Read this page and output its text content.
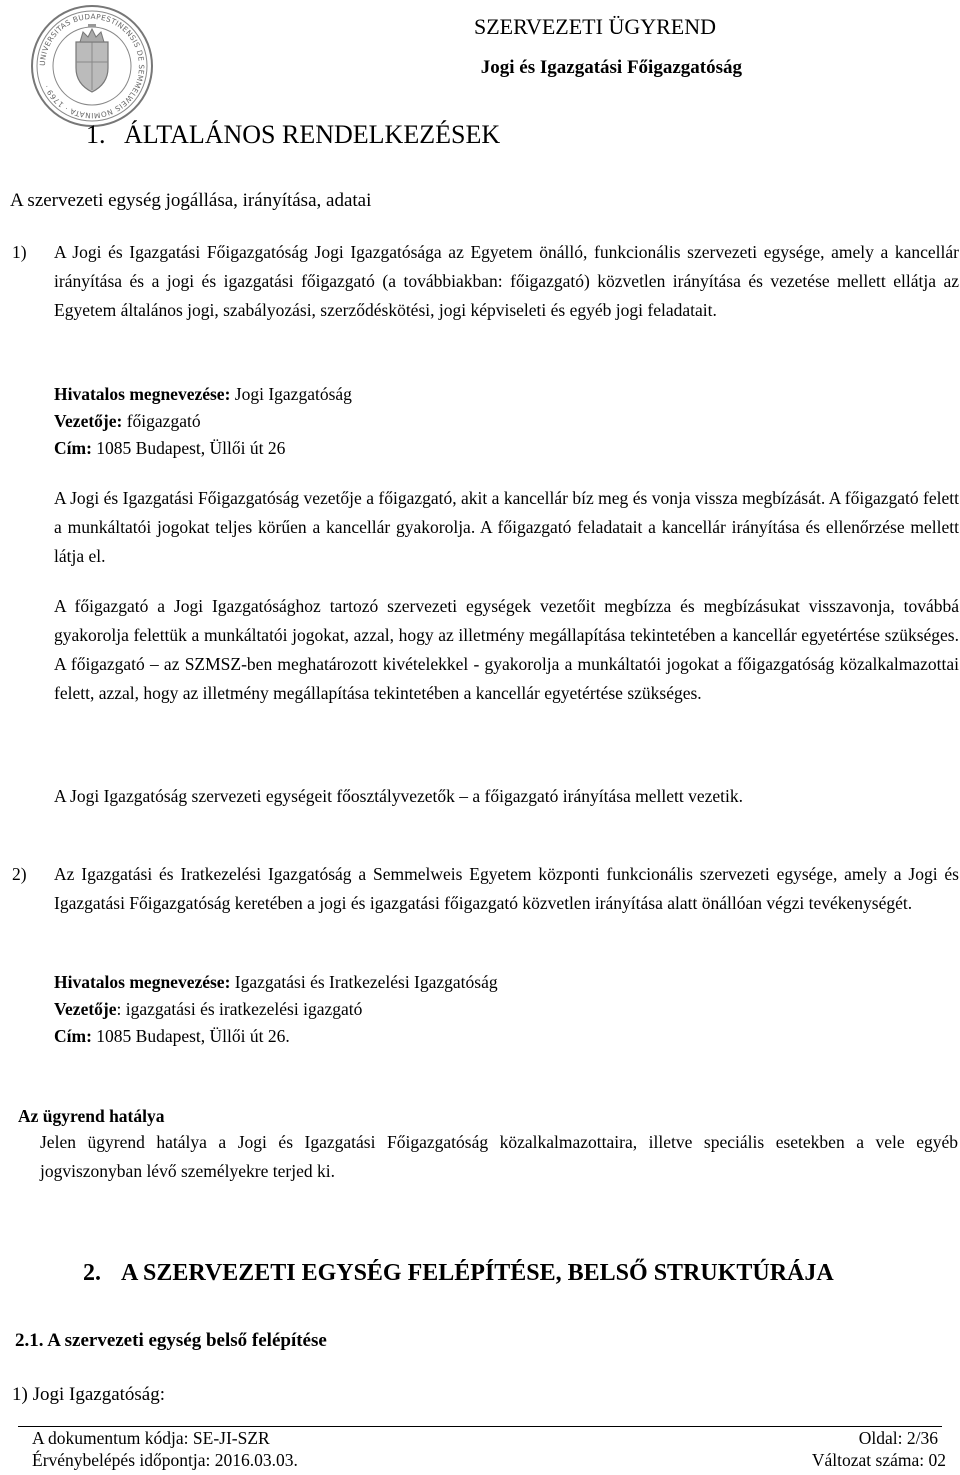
UNIVERSITAS BUDAPESTINENSIS DE SEMMELWEIS NOMINATA · 1769 ·
SZERVEZETI ÜGYREND
Jogi és Igazgatási Főigazgatóság
1. ÁLTALÁNOS RENDELKEZÉSEK
A szervezeti egység jogállása, irányítása, adatai
1) A Jogi és Igazgatási Főigazgatóság Jogi Igazgatósága az Egyetem önálló, funkcionális szervezeti egysége, amely a kancellár irányítása és a jogi és igazgatási főigazgató (a továbbiakban: főigazgató) közvetlen irányítása és vezetése mellett ellátja az Egyetem általános jogi, szabályozási, szerződéskötési, jogi képviseleti és egyéb jogi feladatait.
Hivatalos megnevezése: Jogi Igazgatóság
Vezetője: főigazgató
Cím: 1085 Budapest, Üllői út 26
A Jogi és Igazgatási Főigazgatóság vezetője a főigazgató, akit a kancellár bíz meg és vonja vissza megbízását. A főigazgató felett a munkáltatói jogokat teljes körűen a kancellár gyakorolja. A főigazgató feladatait a kancellár irányítása és ellenőrzése mellett látja el.
A főigazgató a Jogi Igazgatósághoz tartozó szervezeti egységek vezetőit megbízza és megbízásukat visszavonja, továbbá gyakorolja felettük a munkáltatói jogokat, azzal, hogy az illetmény megállapítása tekintetében a kancellár egyetértése szükséges. A főigazgató – az SZMSZ-ben meghatározott kivételekkel - gyakorolja a munkáltatói jogokat a főigazgatóság közalkalmazottai felett, azzal, hogy az illetmény megállapítása tekintetében a kancellár egyetértése szükséges.
A Jogi Igazgatóság szervezeti egységeit főosztályvezetők – a főigazgató irányítása mellett vezetik.
2) Az Igazgatási és Iratkezelési Igazgatóság a Semmelweis Egyetem központi funkcionális szervezeti egysége, amely a Jogi és Igazgatási Főigazgatóság keretében a jogi és igazgatási főigazgató közvetlen irányítása alatt önállóan végzi tevékenységét.
Hivatalos megnevezése: Igazgatási és Iratkezelési Igazgatóság
Vezetője: igazgatási és iratkezelési igazgató
Cím: 1085 Budapest, Üllői út 26.
Az ügyrend hatálya
Jelen ügyrend hatálya a Jogi és Igazgatási Főigazgatóság közalkalmazottaira, illetve speciális esetekben a vele egyéb jogviszonyban lévő személyekre terjed ki.
2. A SZERVEZETI EGYSÉG FELÉPÍTÉSE, BELSŐ STRUKTÚRÁJA
2.1. A szervezeti egység belső felépítése
1) Jogi Igazgatóság:
A dokumentum kódja: SE-JI-SZR	Oldal: 2/36
Érvénybelépés időpontja: 2016.03.03.	Változat száma: 02
